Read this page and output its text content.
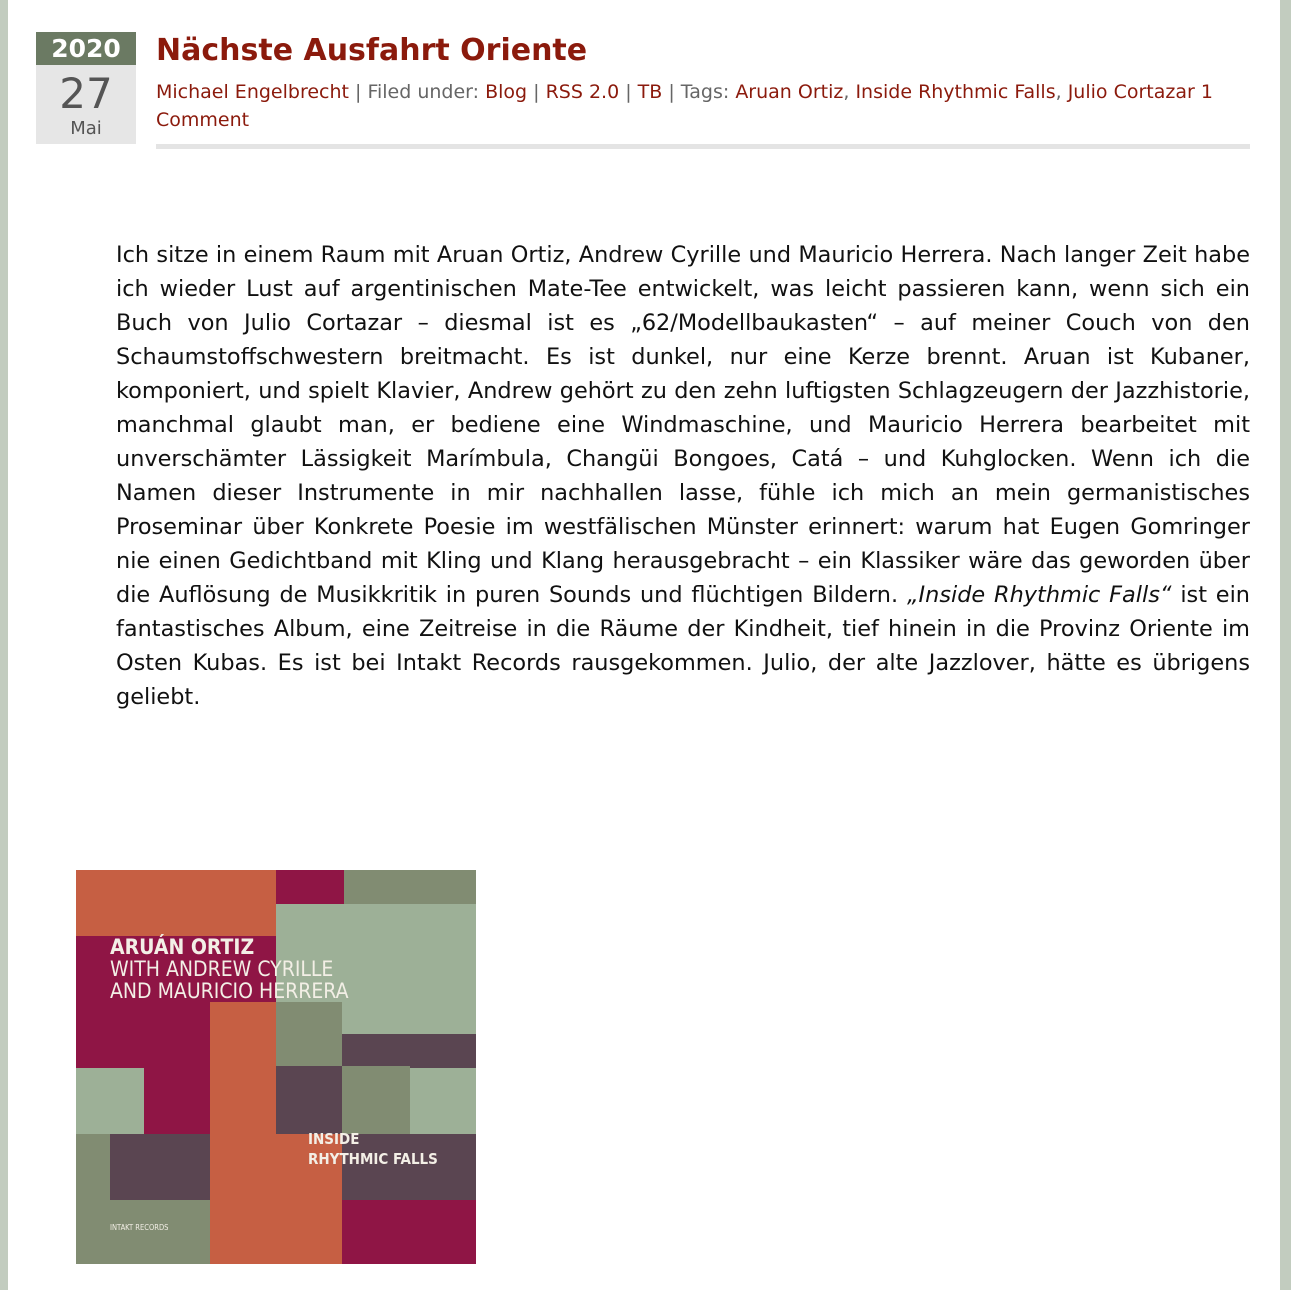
2020
27
Mai
Nächste Ausfahrt Oriente
Michael Engelbrecht | Filed under: Blog | RSS 2.0 | TB | Tags: Aruan Ortiz, Inside Rhythmic Falls, Julio Cortazar 1 Comment

Ich sitze in einem Raum mit Aruan Ortiz, Andrew Cyrille und Mauricio Herrera. Nach langer Zeit habe ich wieder Lust auf argentinischen Mate-Tee entwickelt, was leicht passieren kann, wenn sich ein Buch von Julio Cortazar – diesmal ist es „62/Modellbaukasten“ – auf meiner Couch von den Schaumstoffschwestern breitmacht. Es ist dunkel, nur eine Kerze brennt. Aruan ist Kubaner, komponiert, und spielt Klavier, Andrew gehört zu den zehn luftigsten Schlagzeugern der Jazzhistorie, manchmal glaubt man, er bediene eine Windmaschine, und Mauricio Herrera bearbeitet mit unverschämter Lässigkeit Marímbula, Changüi Bongoes, Catá – und Kuhglocken. Wenn ich die Namen dieser Instrumente in mir nachhallen lasse, fühle ich mich an mein germanistisches Proseminar über Konkrete Poesie im westfälischen Münster erinnert: warum hat Eugen Gomringer nie einen Gedichtband mit Kling und Klang herausgebracht – ein Klassiker wäre das geworden über die Auflösung de Musikkritik in puren Sounds und flüchtigen Bildern. „Inside Rhythmic Falls“ ist ein fantastisches Album, eine Zeitreise in die Räume der Kindheit, tief hinein in die Provinz Oriente im Osten Kubas. Es ist bei Intakt Records rausgekommen. Julio, der alte Jazzlover, hätte es übrigens geliebt.

ARUÁN ORTIZ
WITH ANDREW CYRILLE
AND MAURICIO HERRERA
INSIDE
RHYTHMIC FALLS
INTAKT RECORDS
